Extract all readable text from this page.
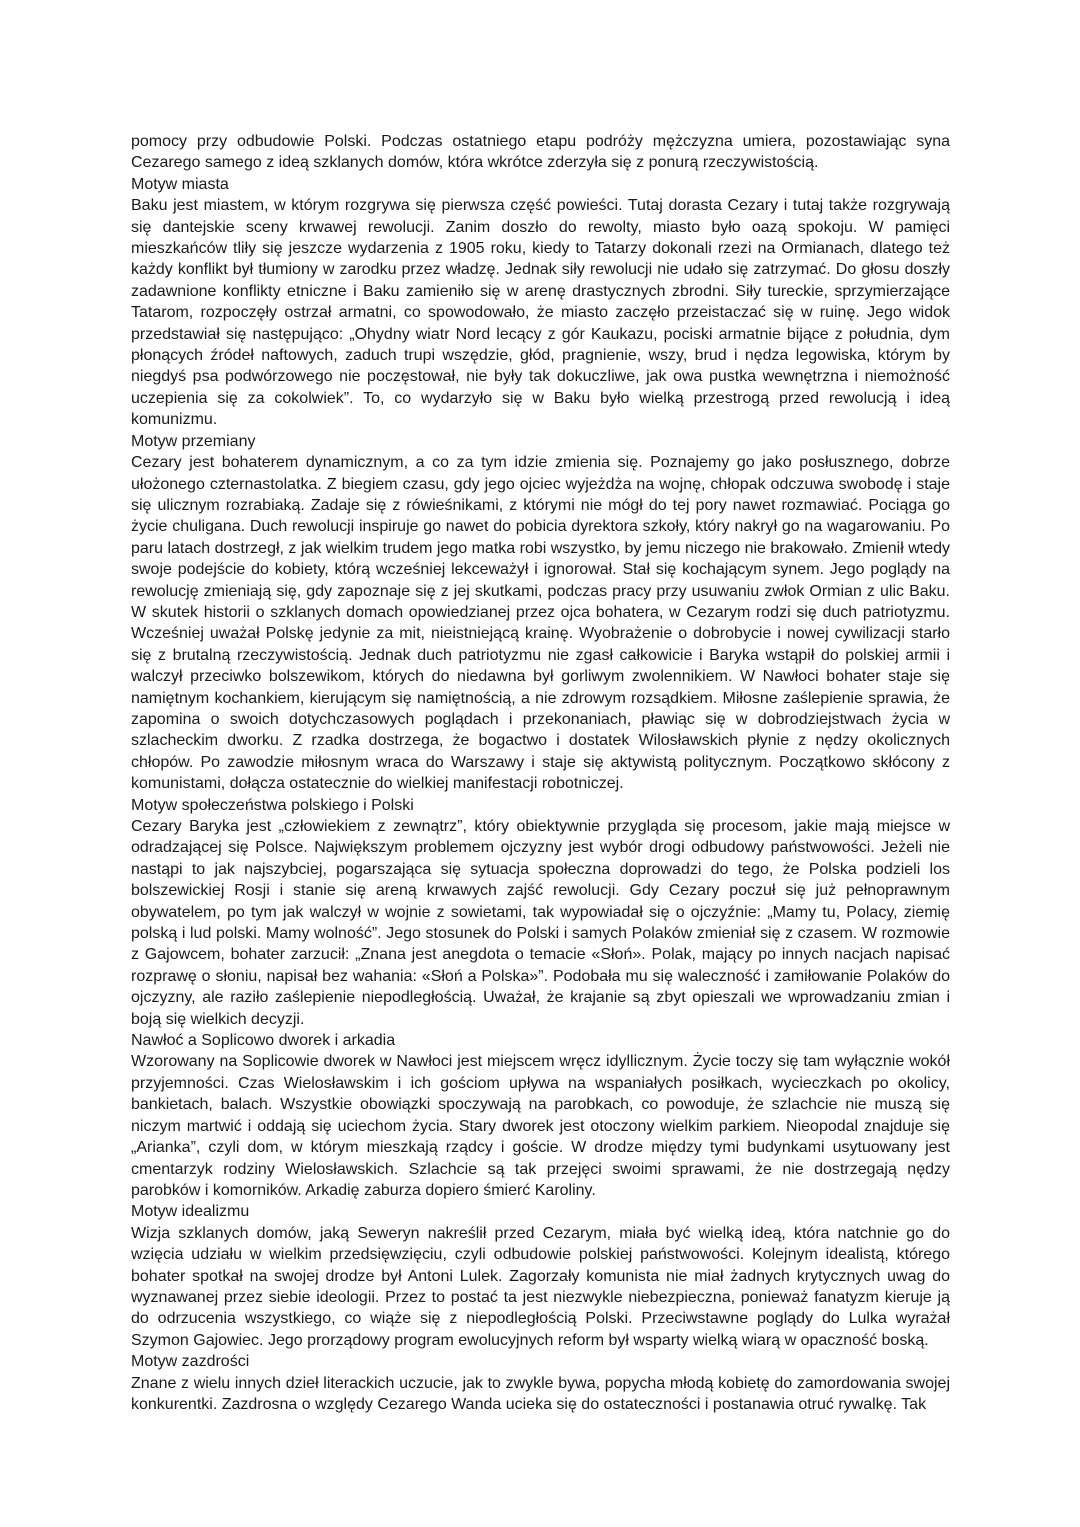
pomocy przy odbudowie Polski. Podczas ostatniego etapu podróży mężczyzna umiera, pozostawiając syna Cezarego samego z ideą szklanych domów, która wkrótce zderzyła się z ponurą rzeczywistością.

Motyw miasta

Baku jest miastem, w którym rozgrywa się pierwsza część powieści. Tutaj dorasta Cezary i tutaj także rozgrywają się dantejskie sceny krwawej rewolucji. Zanim doszło do rewolty, miasto było oazą spokoju. W pamięci mieszkańców tliły się jeszcze wydarzenia z 1905 roku, kiedy to Tatarzy dokonali rzezi na Ormianach, dlatego też każdy konflikt był tłumiony w zarodku przez władzę. Jednak siły rewolucji nie udało się zatrzymać. Do głosu doszły zadawnione konflikty etniczne i Baku zamieniło się w arenę drastycznych zbrodni. Siły tureckie, sprzymierzające Tatarom, rozpoczęły ostrzał armatni, co spowodowało, że miasto zaczęło przeistaczać się w ruinę. Jego widok przedstawiał się następująco: „Ohydny wiatr Nord lecący z gór Kaukazu, pociski armatnie bijące z południa, dym płonących źródeł naftowych, zaduch trupi wszędzie, głód, pragnienie, wszy, brud i nędza legowiska, którym by niegdyś psa podwórzowego nie poczęstował, nie były tak dokuczliwe, jak owa pustka wewnętrzna i niemożność uczepienia się za cokolwiek”. To, co wydarzyło się w Baku było wielką przestrogą przed rewolucją i ideą komunizmu.

Motyw przemiany

Cezary jest bohaterem dynamicznym, a co za tym idzie zmienia się. Poznajemy go jako posłusznego, dobrze ułożonego czternastolatka. Z biegiem czasu, gdy jego ojciec wyjeżdża na wojnę, chłopak odczuwa swobodę i staje się ulicznym rozrabiaką. Zadaje się z rówieśnikami, z którymi nie mógł do tej pory nawet rozmawiać. Pociąga go życie chuligana. Duch rewolucji inspiruje go nawet do pobicia dyrektora szkoły, który nakrył go na wagarowaniu. Po paru latach dostrzegł, z jak wielkim trudem jego matka robi wszystko, by jemu niczego nie brakowało. Zmienił wtedy swoje podejście do kobiety, którą wcześniej lekceważył i ignorował. Stał się kochającym synem. Jego poglądy na rewolucję zmieniają się, gdy zapoznaje się z jej skutkami, podczas pracy przy usuwaniu zwłok Ormian z ulic Baku. W skutek historii o szklanych domach opowiedzianej przez ojca bohatera, w Cezarym rodzi się duch patriotyzmu. Wcześniej uważał Polskę jedynie za mit, nieistniejącą krainę. Wyobrażenie o dobrobycie i nowej cywilizacji starło się z brutalną rzeczywistością. Jednak duch patriotyzmu nie zgasł całkowicie i Baryka wstąpił do polskiej armii i walczył przeciwko bolszewikom, których do niedawna był gorliwym zwolennikiem. W Nawłoci bohater staje się namiętnym kochankiem, kierującym się namiętnością, a nie zdrowym rozsądkiem. Miłosne zaślepienie sprawia, że zapomina o swoich dotychczasowych poglądach i przekonaniach, pławiąc się w dobrodziejstwach życia w szlacheckim dworku. Z rzadka dostrzega, że bogactwo i dostatek Wilosławskich płynie z nędzy okolicznych chłopów. Po zawodzie miłosnym wraca do Warszawy i staje się aktywistą politycznym. Początkowo skłócony z komunistami, dołącza ostatecznie do wielkiej manifestacji robotniczej.

Motyw społeczeństwa polskiego i Polski

Cezary Baryka jest „człowiekiem z zewnątrz”, który obiektywnie przygląda się procesom, jakie mają miejsce w odradzającej się Polsce. Największym problemem ojczyzny jest wybór drogi odbudowy państwowości. Jeżeli nie nastąpi to jak najszybciej, pogarszająca się sytuacja społeczna doprowadzi do tego, że Polska podzieli los bolszewickiej Rosji i stanie się areną krwawych zajść rewolucji. Gdy Cezary poczuł się już pełnoprawnym obywatelem, po tym jak walczył w wojnie z sowietami, tak wypowiadał się o ojczyźnie: „Mamy tu, Polacy, ziemię polską i lud polski. Mamy wolność”. Jego stosunek do Polski i samych Polaków zmieniał się z czasem. W rozmowie z Gajowcem, bohater zarzucił: „Znana jest anegdota o temacie «Słoń». Polak, mający po innych nacjach napisać rozprawę o słoniu, napisał bez wahania: «Słoń a Polska»”. Podobała mu się waleczność i zamiłowanie Polaków do ojczyzny, ale raziło zaślepienie niepodległością. Uważał, że krajanie są zbyt opieszali we wprowadzaniu zmian i boją się wielkich decyzji.

Nawłoć a Soplicowo dworek i arkadia

Wzorowany na Soplicowie dworek w Nawłoci jest miejscem wręcz idyllicznym. Życie toczy się tam wyłącznie wokół przyjemności. Czas Wielosławskim i ich gościom upływa na wspaniałych posiłkach, wycieczkach po okolicy, bankietach, balach. Wszystkie obowiązki spoczywają na parobkach, co powoduje, że szlachcie nie muszą się niczym martwić i oddają się uciechom życia. Stary dworek jest otoczony wielkim parkiem. Nieopodal znajduje się „Arianka”, czyli dom, w którym mieszkają rządcy i goście. W drodze między tymi budynkami usytuowany jest cmentarzyk rodziny Wielosławskich. Szlachcie są tak przejęci swoimi sprawami, że nie dostrzegają nędzy parobków i komorników. Arkadię zaburza dopiero śmierć Karoliny.

Motyw idealizmu

Wizja szklanych domów, jaką Seweryn nakreślił przed Cezarym, miała być wielką ideą, która natchnie go do wzięcia udziału w wielkim przedsięwzięciu, czyli odbudowie polskiej państwowości. Kolejnym idealistą, którego bohater spotkał na swojej drodze był Antoni Lulek. Zagorzały komunista nie miał żadnych krytycznych uwag do wyznawanej przez siebie ideologii. Przez to postać ta jest niezwykle niebezpieczna, ponieważ fanatyzm kieruje ją do odrzucenia wszystkiego, co wiąże się z niepodległością Polski. Przeciwstawne poglądy do Lulka wyrażał Szymon Gajowiec. Jego prorządowy program ewolucyjnych reform był wsparty wielką wiarą w opaczność boską.

Motyw zazdrości

Znane z wielu innych dzieł literackich uczucie, jak to zwykle bywa, popycha młodą kobietę do zamordowania swojej konkurentki. Zazdrosna o względy Cezarego Wanda ucieka się do ostateczności i postanawia otruć rywalkę. Tak
